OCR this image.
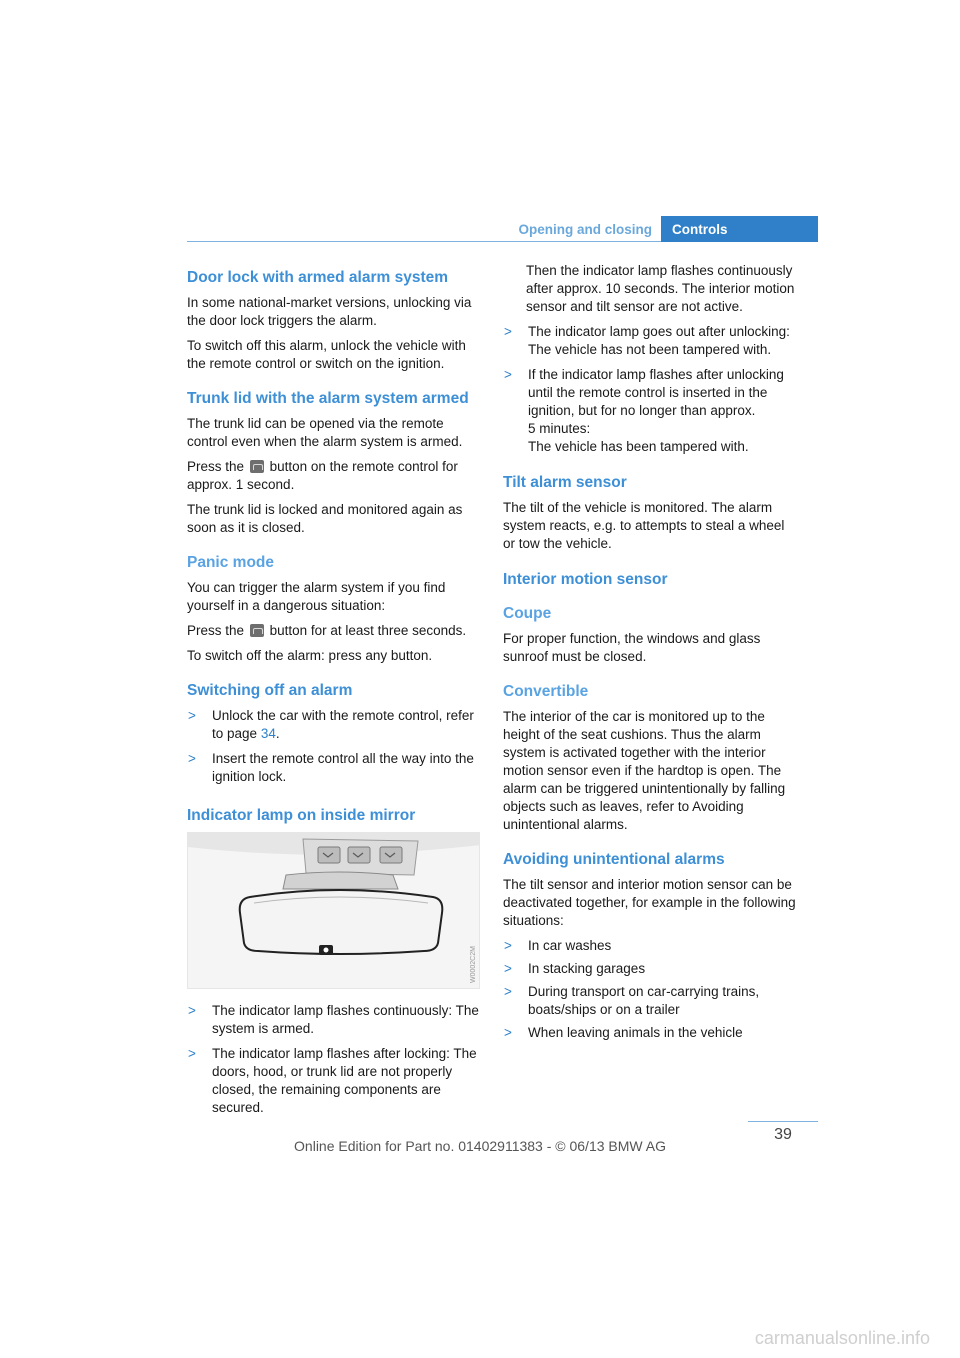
Opening and closing	Controls
Door lock with armed alarm system

In some national-market versions, unlocking via the door lock triggers the alarm.

To switch off this alarm, unlock the vehicle with the remote control or switch on the ignition.

Trunk lid with the alarm system armed

The trunk lid can be opened via the remote control even when the alarm system is armed.

Press the button on the remote control for approx. 1 second.

The trunk lid is locked and monitored again as soon as it is closed.

Panic mode

You can trigger the alarm system if you find yourself in a dangerous situation:

Press the button for at least three seconds.

To switch off the alarm: press any button.

Switching off an alarm
> Unlock the car with the remote control, refer to page 34.
> Insert the remote control all the way into the ignition lock.
Indicator lamp on inside mirror
W0002C2M
> The indicator lamp flashes continuously: The system is armed.
> The indicator lamp flashes after locking: The doors, hood, or trunk lid are not properly closed, the remaining components are secured.

Then the indicator lamp flashes continuously after approx. 10 seconds. The interior motion sensor and tilt sensor are not active.

> The indicator lamp goes out after unlocking: The vehicle has not been tampered with.
> If the indicator lamp flashes after unlocking until the remote control is inserted in the ignition, but for no longer than approx.
5 minutes:
The vehicle has been tampered with.
Tilt alarm sensor

The tilt of the vehicle is monitored. The alarm system reacts, e.g. to attempts to steal a wheel or tow the vehicle.

Interior motion sensor
Coupe

For proper function, the windows and glass sunroof must be closed.

Convertible

The interior of the car is monitored up to the height of the seat cushions. Thus the alarm system is activated together with the interior motion sensor even if the hardtop is open. The alarm can be triggered unintentionally by falling objects such as leaves, refer to Avoiding unintentional alarms.

Avoiding unintentional alarms

The tilt sensor and interior motion sensor can be deactivated together, for example in the following situations:

> In car washes
> In stacking garages
> During transport on car-carrying trains, boats/ships or on a trailer
> When leaving animals in the vehicle
39
Online Edition for Part no. 01402911383 - © 06/13 BMW AG
carmanualsonline.info
